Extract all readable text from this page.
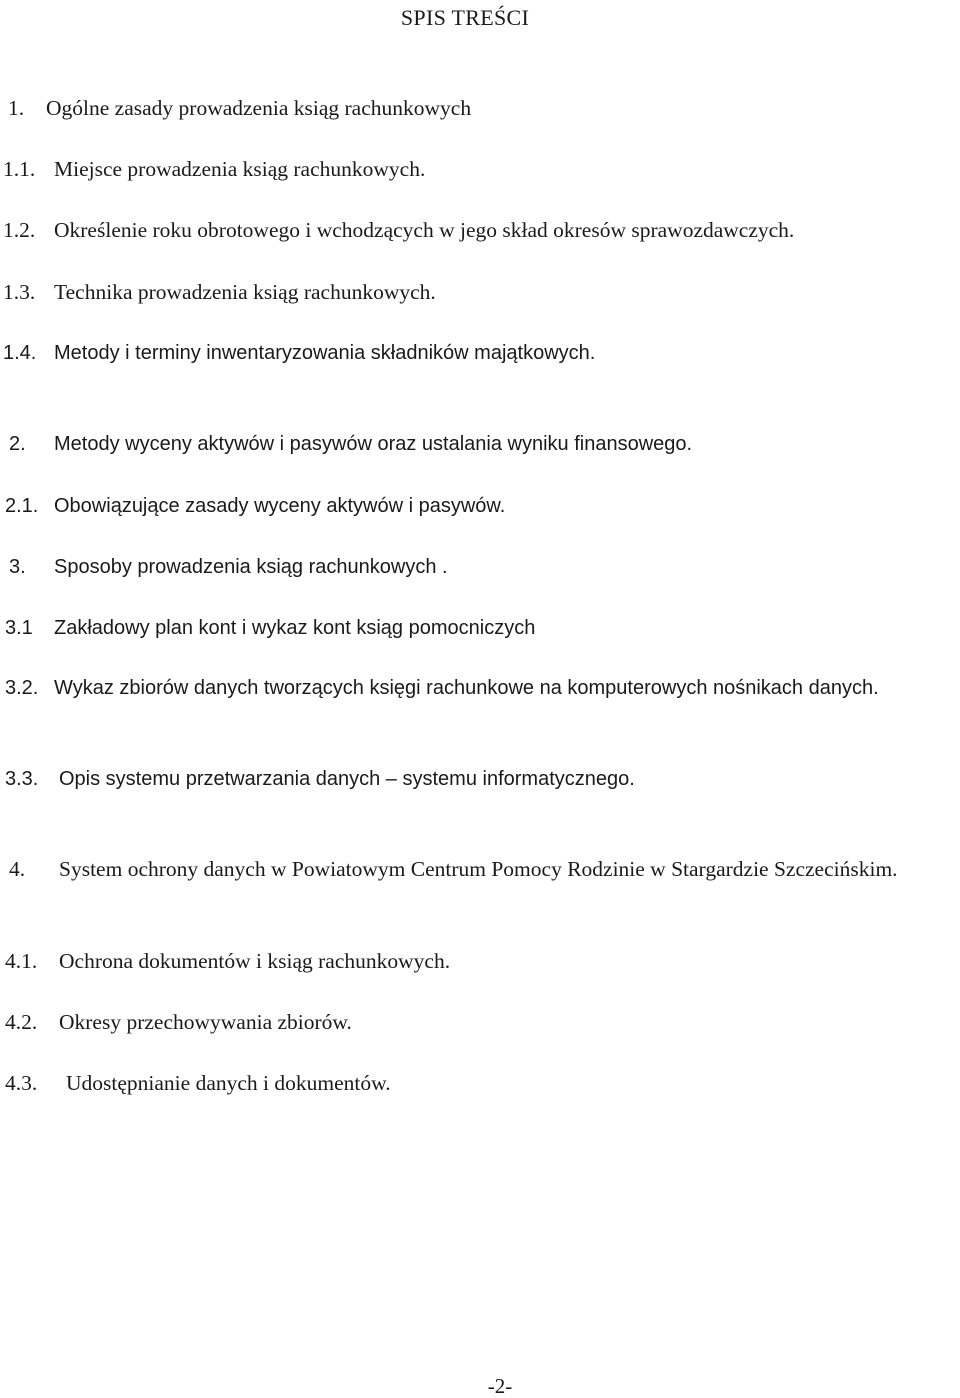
SPIS TREŚCI
1. Ogólne zasady prowadzenia ksiąg rachunkowych
1.1. Miejsce prowadzenia ksiąg rachunkowych.
1.2. Określenie roku obrotowego i wchodzących w jego skład okresów sprawozdawczych.
1.3. Technika prowadzenia ksiąg rachunkowych.
1.4. Metody i terminy inwentaryzowania składników majątkowych.
2. Metody wyceny aktywów i pasywów oraz ustalania wyniku finansowego.
2.1. Obowiązujące zasady wyceny aktywów i pasywów.
3. Sposoby prowadzenia ksiąg rachunkowych .
3.1 Zakładowy plan kont i wykaz kont ksiąg pomocniczych
3.2. Wykaz zbiorów danych tworzących księgi rachunkowe na komputerowych nośnikach danych.
3.3. Opis systemu przetwarzania danych – systemu informatycznego.
4. System ochrony danych w Powiatowym Centrum Pomocy Rodzinie w Stargardzie Szczecińskim.
4.1. Ochrona dokumentów i ksiąg rachunkowych.
4.2. Okresy przechowywania zbiorów.
4.3. Udostępnianie danych i dokumentów.
-2-
